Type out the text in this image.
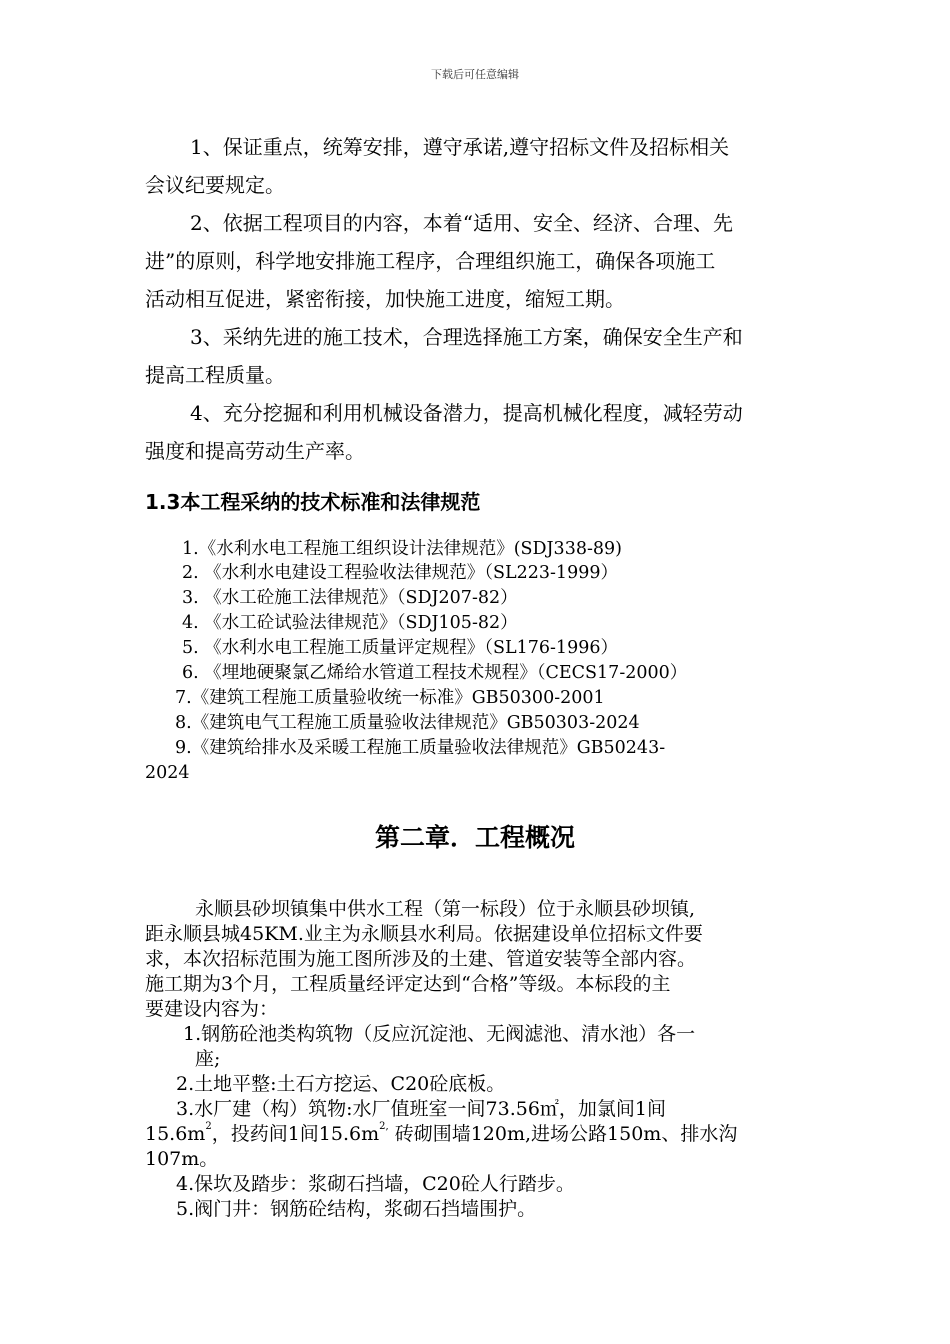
下载后可任意编辑
1、保证重点，统筹安排，遵守承诺,遵守招标文件及招标相关
会议纪要规定。
2、依据工程项目的内容，本着“适用、安全、经济、合理、先
进”的原则，科学地安排施工程序，合理组织施工，确保各项施工
活动相互促进，紧密衔接，加快施工进度，缩短工期。
3、采纳先进的施工技术，合理选择施工方案，确保安全生产和
提高工程质量。
4、充分挖掘和利用机械设备潜力，提高机械化程度，减轻劳动
强度和提高劳动生产率。
1.3本工程采纳的技术标准和法律规范
1.《水利水电工程施工组织设计法律规范》(SDJ338-89)
2. 《水利水电建设工程验收法律规范》（SL223-1999）
3. 《水工砼施工法律规范》（SDJ207-82）
4. 《水工砼试验法律规范》（SDJ105-82）
5. 《水利水电工程施工质量评定规程》（SL176-1996）
6. 《埋地硬聚氯乙烯给水管道工程技术规程》（CECS17-2000）
7.《建筑工程施工质量验收统一标准》GB50300-2001
8.《建筑电气工程施工质量验收法律规范》GB50303-2024
9.《建筑给排水及采暖工程施工质量验收法律规范》GB50243-
2024
第二章．工程概况
永顺县砂坝镇集中供水工程（第一标段）位于永顺县砂坝镇,
距永顺县城45KM.业主为永顺县水利局。依据建设单位招标文件要
求，本次招标范围为施工图所涉及的土建、管道安装等全部内容。
施工期为3个月，工程质量经评定达到“合格”等级。本标段的主
要建设内容为：
1.钢筋砼池类构筑物（反应沉淀池、无阀滤池、清水池）各一
座;
2.土地平整:土石方挖运、C20砼底板。
3.水厂建（构）筑物:水厂值班室一间73.56㎡，加氯间1间
$15.6m^2$，投药间1间$15.6m^{2,}$ 砖砌围墙120m,进场公路150m、排水沟
107m。
4.保坎及踏步：浆砌石挡墙，C20砼人行踏步。
5.阀门井：钢筋砼结构，浆砌石挡墙围护。
